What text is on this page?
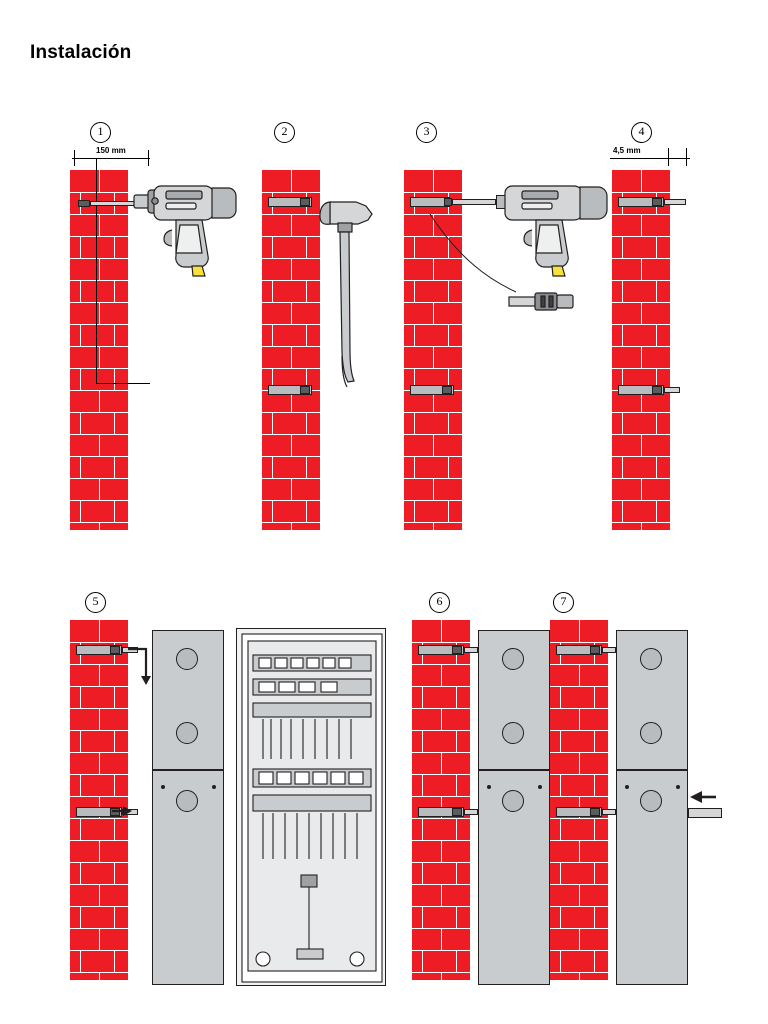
Instalación
1	2	3	4
5	6	7
150 mm	4,5 mm
